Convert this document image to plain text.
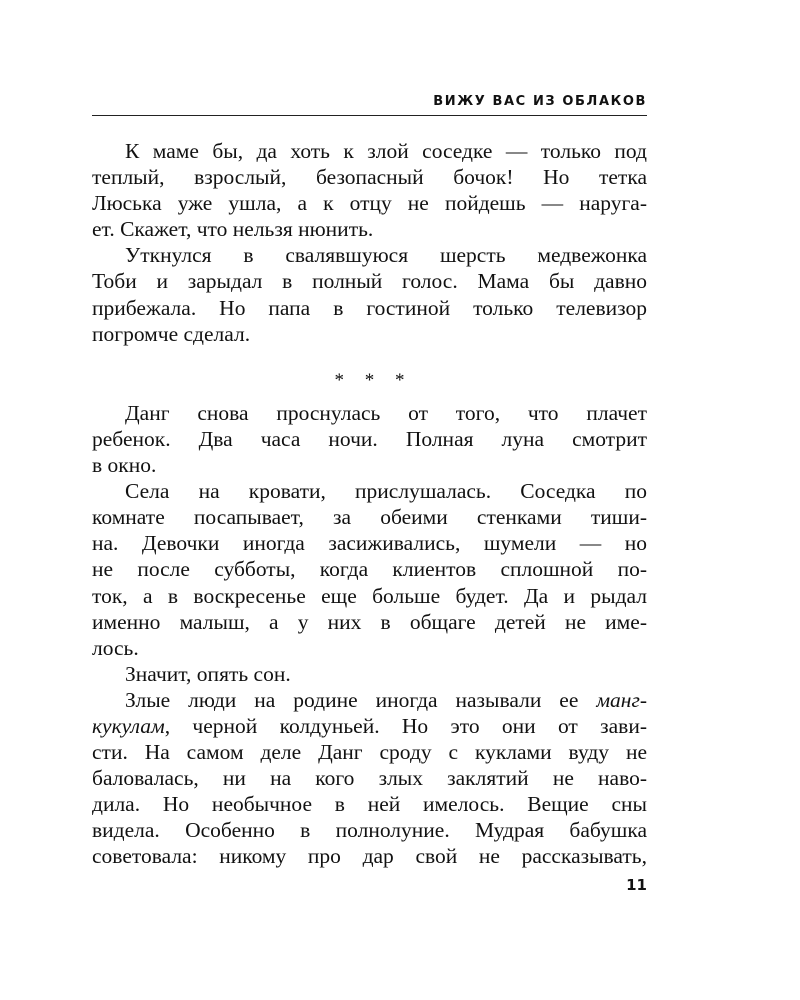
ВИЖУ ВАС ИЗ ОБЛАКОВ
К маме бы, да хоть к злой соседке — только под
теплый, взрослый, безопасный бочок! Но тетка
Люська уже ушла, а к отцу не пойдешь — наруга-
ет. Скажет, что нельзя нюнить.
Уткнулся в свалявшуюся шерсть медвежонка
Тоби и зарыдал в полный голос. Мама бы давно
прибежала. Но папа в гостиной только телевизор
погромче сделал.
* * *
Данг снова проснулась от того, что плачет
ребенок. Два часа ночи. Полная луна смотрит
в окно.
Села на кровати, прислушалась. Соседка по
комнате посапывает, за обеими стенками тиши-
на. Девочки иногда засиживались, шумели — но
не после субботы, когда клиентов сплошной по-
ток, а в воскресенье еще больше будет. Да и рыдал
именно малыш, а у них в общаге детей не име-
лось.
Значит, опять сон.
Злые люди на родине иногда называли ее манг-
кукулам, черной колдуньей. Но это они от зави-
сти. На самом деле Данг сроду с куклами вуду не
баловалась, ни на кого злых заклятий не наво-
дила. Но необычное в ней имелось. Вещие сны
видела. Особенно в полнолуние. Мудрая бабушка
советовала: никому про дар свой не рассказывать,
11
